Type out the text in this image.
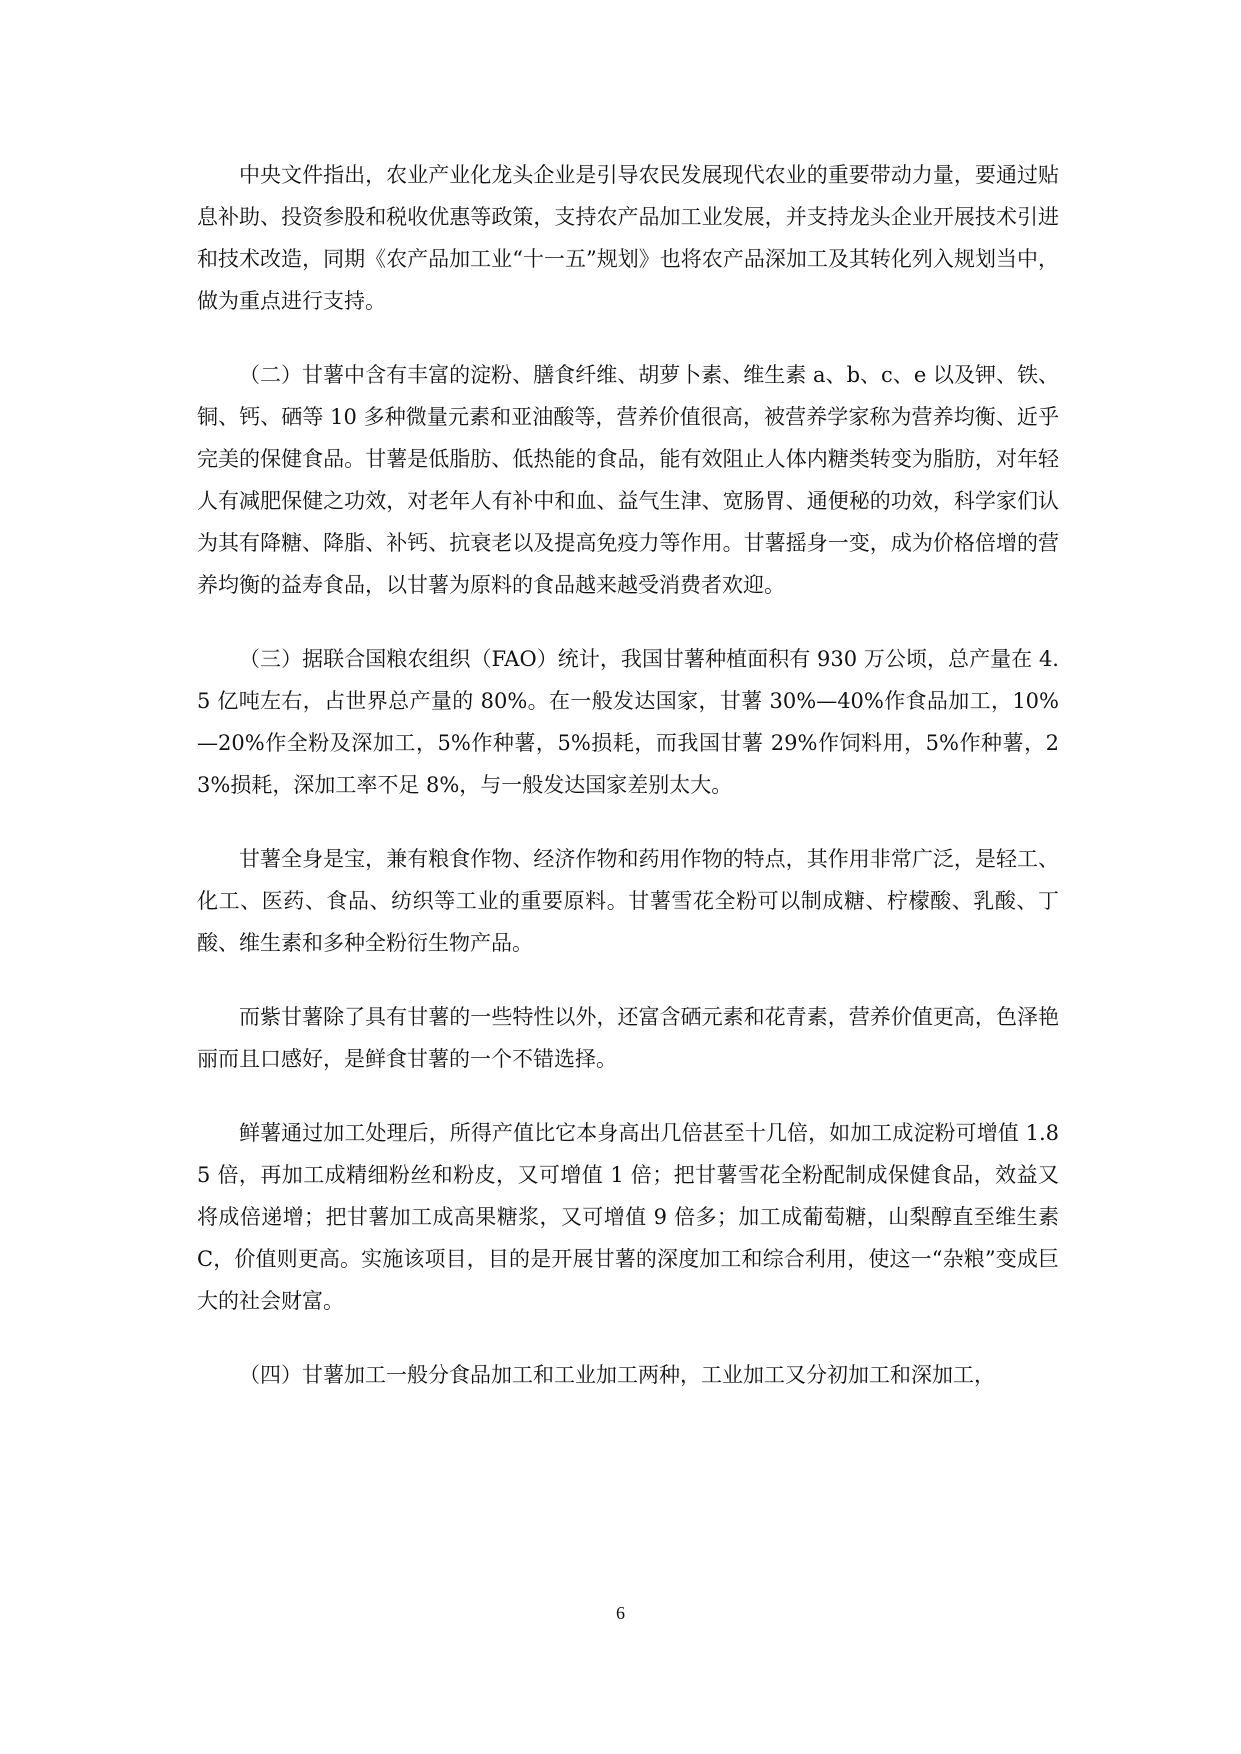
中央文件指出，农业产业化龙头企业是引导农民发展现代农业的重要带动力量，要通过贴息补助、投资参股和税收优惠等政策，支持农产品加工业发展，并支持龙头企业开展技术引进和技术改造，同期《农产品加工业“十一五”规划》也将农产品深加工及其转化列入规划当中，做为重点进行支持。

（二）甘薯中含有丰富的淀粉、膳食纤维、胡萝卜素、维生素 a、b、c、e 以及钾、铁、铜、钙、硒等 10 多种微量元素和亚油酸等，营养价值很高，被营养学家称为营养均衡、近乎完美的保健食品。甘薯是低脂肪、低热能的食品，能有效阻止人体内糖类转变为脂肪，对年轻人有减肥保健之功效，对老年人有补中和血、益气生津、宽肠胃、通便秘的功效，科学家们认为其有降糖、降脂、补钙、抗衰老以及提高免疫力等作用。甘薯摇身一变，成为价格倍增的营养均衡的益寿食品，以甘薯为原料的食品越来越受消费者欢迎。

（三）据联合国粮农组织（FAO）统计，我国甘薯种植面积有 930 万公顷，总产量在 4.5 亿吨左右，占世界总产量的 80%。在一般发达国家，甘薯 30%—40%作食品加工，10%—20%作全粉及深加工，5%作种薯，5%损耗，而我国甘薯 29%作饲料用，5%作种薯，23%损耗，深加工率不足 8%，与一般发达国家差别太大。

甘薯全身是宝，兼有粮食作物、经济作物和药用作物的特点，其作用非常广泛，是轻工、化工、医药、食品、纺织等工业的重要原料。甘薯雪花全粉可以制成糖、柠檬酸、乳酸、丁酸、维生素和多种全粉衍生物产品。

而紫甘薯除了具有甘薯的一些特性以外，还富含硒元素和花青素，营养价值更高，色泽艳丽而且口感好，是鲜食甘薯的一个不错选择。

鲜薯通过加工处理后，所得产值比它本身高出几倍甚至十几倍，如加工成淀粉可增值 1.85 倍，再加工成精细粉丝和粉皮，又可增值 1 倍；把甘薯雪花全粉配制成保健食品，效益又将成倍递增；把甘薯加工成高果糖浆，又可增值 9 倍多；加工成葡萄糖，山梨醇直至维生素 C，价值则更高。实施该项目，目的是开展甘薯的深度加工和综合利用，使这一“杂粮”变成巨大的社会财富。

（四）甘薯加工一般分食品加工和工业加工两种，工业加工又分初加工和深加工，

6
